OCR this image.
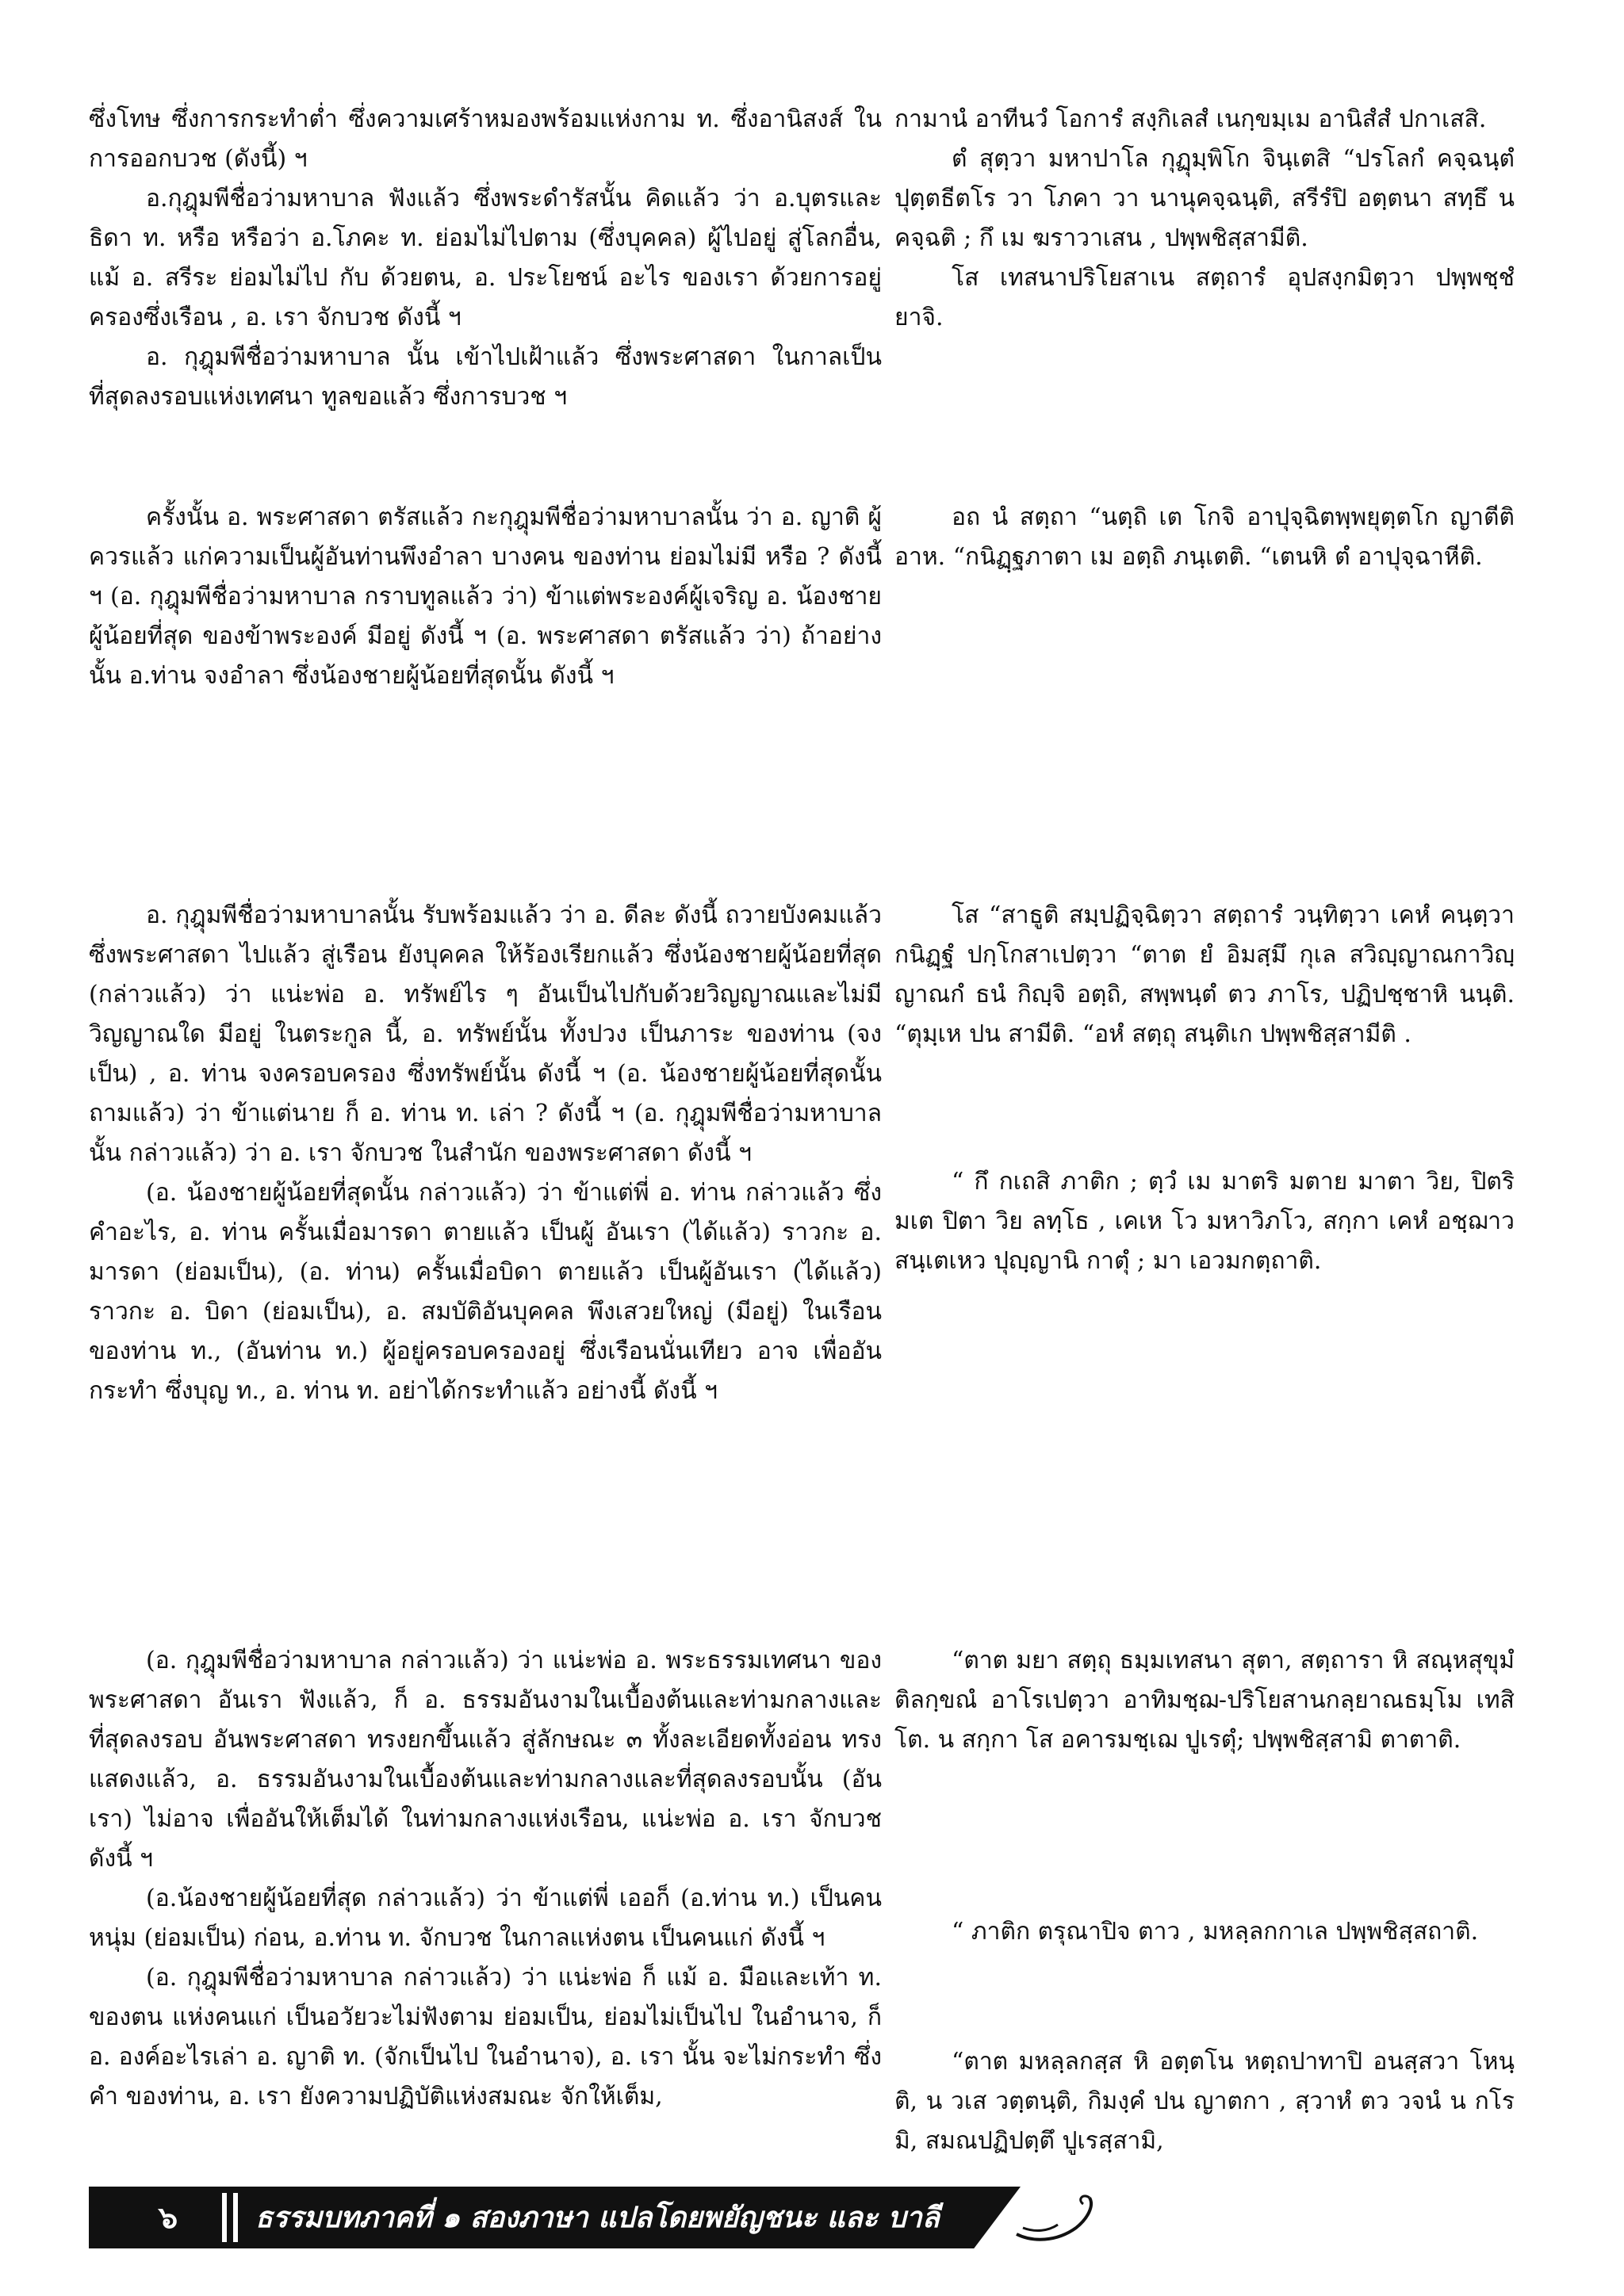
ซึ่งโทษ ซึ่งการกระทำต่ำ ซึ่งความเศร้าหมองพร้อมแห่งกาม ท. ซึ่งอานิสงส์ ในการออกบวช (ดังนี้) ฯ

อ.กุฎุมพีชื่อว่ามหาบาล ฟังแล้ว ซึ่งพระดำรัสนั้น คิดแล้ว ว่า อ.บุตรและธิดา ท. หรือ หรือว่า อ.โภคะ ท. ย่อมไม่ไปตาม (ซึ่งบุคคล) ผู้ไปอยู่ สู่โลกอื่น, แม้ อ. สรีระ ย่อมไม่ไป กับ ด้วยตน, อ. ประโยชน์ อะไร ของเรา ด้วยการอยู่ครองซึ่งเรือน , อ. เรา จักบวช ดังนี้ ฯ

อ. กุฎุมพีชื่อว่ามหาบาล นั้น เข้าไปเฝ้าแล้ว ซึ่งพระศาสดา ในกาลเป็นที่สุดลงรอบแห่งเทศนา ทูลขอแล้ว ซึ่งการบวช ฯ

ครั้งนั้น อ. พระศาสดา ตรัสแล้ว กะกุฎุมพีชื่อว่ามหาบาลนั้น ว่า อ. ญาติ ผู้ควรแล้ว แก่ความเป็นผู้อันท่านพึงอำลา บางคน ของท่าน ย่อมไม่มี หรือ ? ดังนี้ ฯ (อ. กุฎุมพีชื่อว่ามหาบาล กราบทูลแล้ว ว่า) ข้าแต่พระองค์ผู้เจริญ อ. น้องชายผู้น้อยที่สุด ของข้าพระองค์ มีอยู่ ดังนี้ ฯ (อ. พระศาสดา ตรัสแล้ว ว่า) ถ้าอย่างนั้น อ.ท่าน จงอำลา ซึ่งน้องชายผู้น้อยที่สุดนั้น ดังนี้ ฯ

อ. กุฎุมพีชื่อว่ามหาบาลนั้น รับพร้อมแล้ว ว่า อ. ดีละ ดังนี้ ถวายบังคมแล้ว ซึ่งพระศาสดา ไปแล้ว สู่เรือน ยังบุคคล ให้ร้องเรียกแล้ว ซึ่งน้องชายผู้น้อยที่สุด (กล่าวแล้ว) ว่า แน่ะพ่อ อ. ทรัพย์ไร ๆ อันเป็นไปกับด้วยวิญญาณและไม่มีวิญญาณใด มีอยู่ ในตระกูล นี้, อ. ทรัพย์นั้น ทั้งปวง เป็นภาระ ของท่าน (จงเป็น) , อ. ท่าน จงครอบครอง ซึ่งทรัพย์นั้น ดังนี้ ฯ (อ. น้องชายผู้น้อยที่สุดนั้น ถามแล้ว) ว่า ข้าแต่นาย ก็ อ. ท่าน ท. เล่า ? ดังนี้ ฯ (อ. กุฎุมพีชื่อว่ามหาบาลนั้น กล่าวแล้ว) ว่า อ. เรา จักบวช ในสำนัก ของพระศาสดา ดังนี้ ฯ

(อ. น้องชายผู้น้อยที่สุดนั้น กล่าวแล้ว) ว่า ข้าแต่พี่ อ. ท่าน กล่าวแล้ว ซึ่งคำอะไร, อ. ท่าน ครั้นเมื่อมารดา ตายแล้ว เป็นผู้ อันเรา (ได้แล้ว) ราวกะ อ. มารดา (ย่อมเป็น), (อ. ท่าน) ครั้นเมื่อบิดา ตายแล้ว เป็นผู้อันเรา (ได้แล้ว) ราวกะ อ. บิดา (ย่อมเป็น), อ. สมบัติอันบุคคล พึงเสวยใหญ่ (มีอยู่) ในเรือน ของท่าน ท., (อันท่าน ท.) ผู้อยู่ครอบครองอยู่ ซึ่งเรือนนั่นเทียว อาจ เพื่ออันกระทำ ซึ่งบุญ ท., อ. ท่าน ท. อย่าได้กระทำแล้ว อย่างนี้ ดังนี้ ฯ

(อ. กุฎุมพีชื่อว่ามหาบาล กล่าวแล้ว) ว่า แน่ะพ่อ อ. พระธรรมเทศนา ของพระศาสดา อันเรา ฟังแล้ว, ก็ อ. ธรรมอันงามในเบื้องต้นและท่ามกลางและที่สุดลงรอบ อันพระศาสดา ทรงยกขึ้นแล้ว สู่ลักษณะ ๓ ทั้งละเอียดทั้งอ่อน ทรงแสดงแล้ว, อ. ธรรมอันงามในเบื้องต้นและท่ามกลางและที่สุดลงรอบนั้น (อันเรา) ไม่อาจ เพื่ออันให้เต็มได้ ในท่ามกลางแห่งเรือน, แน่ะพ่อ อ. เรา จักบวช ดังนี้ ฯ

(อ.น้องชายผู้น้อยที่สุด กล่าวแล้ว) ว่า ข้าแต่พี่ เออก็ (อ.ท่าน ท.) เป็นคนหนุ่ม (ย่อมเป็น) ก่อน, อ.ท่าน ท. จักบวช ในกาลแห่งตน เป็นคนแก่ ดังนี้ ฯ

(อ. กุฎุมพีชื่อว่ามหาบาล กล่าวแล้ว) ว่า แน่ะพ่อ ก็ แม้ อ. มือและเท้า ท. ของตน แห่งคนแก่ เป็นอวัยวะไม่ฟังตาม ย่อมเป็น, ย่อมไม่เป็นไป ในอำนาจ, ก็ อ. องค์อะไรเล่า อ. ญาติ ท. (จักเป็นไป ในอำนาจ), อ. เรา นั้น จะไม่กระทำ ซึ่งคำ ของท่าน, อ. เรา ยังความปฏิบัติแห่งสมณะ จักให้เต็ม,

กามานํ อาทีนวํ โอการํ สงฺกิเลสํ เนกฺขมฺเม อานิสํสํ ปกาเสสิ.

ตํ สุตฺวา มหาปาโล กุฏุมฺพิโก จินฺเตสิ “ปรโลกํ คจฺฉนฺตํ ปุตฺตธีตโร วา โภคา วา นานุคจฺฉนฺติ, สรีรํปิ อตฺตนา สทฺธึ น คจฺฉติ ; กึ เม ฆราวาเสน , ปพฺพชิสฺสามีติ.

โส เทสนาปริโยสาเน สตฺถารํ อุปสงฺกมิตฺวา ปพฺพชฺชํ ยาจิ.

อถ นํ สตฺถา “นตฺถิ เต โกจิ อาปุจฺฉิตพฺพยุตฺตโก ญาตีติ อาห. “กนิฏฺฐภาตา เม อตฺถิ ภนฺเตติ. “เตนหิ ตํ อาปุจฺฉาหีติ.

โส “สาธูติ สมฺปฏิจฺฉิตฺวา สตฺถารํ วนฺทิตฺวา เคหํ คนฺตฺวา กนิฏฺฐํ ปกฺโกสาเปตฺวา “ตาต ยํ อิมสฺมึ กุเล สวิญฺญาณกาวิญฺญาณกํ ธนํ กิญฺจิ อตฺถิ, สพฺพนฺตํ ตว ภาโร, ปฏิปชฺชาหิ นนฺติ. “ตุมฺเห ปน สามีติ. “อหํ สตฺถุ สนฺติเก ปพฺพชิสฺสามีติ .

“ กึ กเถสิ ภาติก ; ตฺวํ เม มาตริ มตาย มาตา วิย, ปิตริ มเต ปิตา วิย ลทฺโธ , เคเห โว มหาวิภโว, สกฺกา เคหํ อชฺฌาวสนฺเตเหว ปุญฺญานิ กาตุํ ; มา เอวมกตฺถาติ.

“ตาต มยา สตฺถุ ธมฺมเทสนา สุตา, สตฺถารา หิ สณฺหสุขุมํ ติลกฺขณํ อาโรเปตฺวา อาทิมชฺฌ-ปริโยสานกลฺยาณธมฺโม เทสิโต. น สกฺกา โส อคารมชฺเฌ ปูเรตุํ; ปพฺพชิสฺสามิ ตาตาติ.

“ ภาติก ตรุณาปิจ ตาว , มหลฺลกกาเล ปพฺพชิสฺสถาติ.

“ตาต มหลฺลกสฺส หิ อตฺตโน หตฺถปาทาปิ อนสฺสวา โหนฺติ, น วเส วตฺตนฺติ, กิมงฺคํ ปน ญาตกา , สฺวาหํ ตว วจนํ น กโรมิ, สมณปฏิปตฺตึ ปูเรสฺสามิ,

๖	ธรรมบทภาคที่ ๑ สองภาษา แปลโดยพยัญชนะ และ บาลี
